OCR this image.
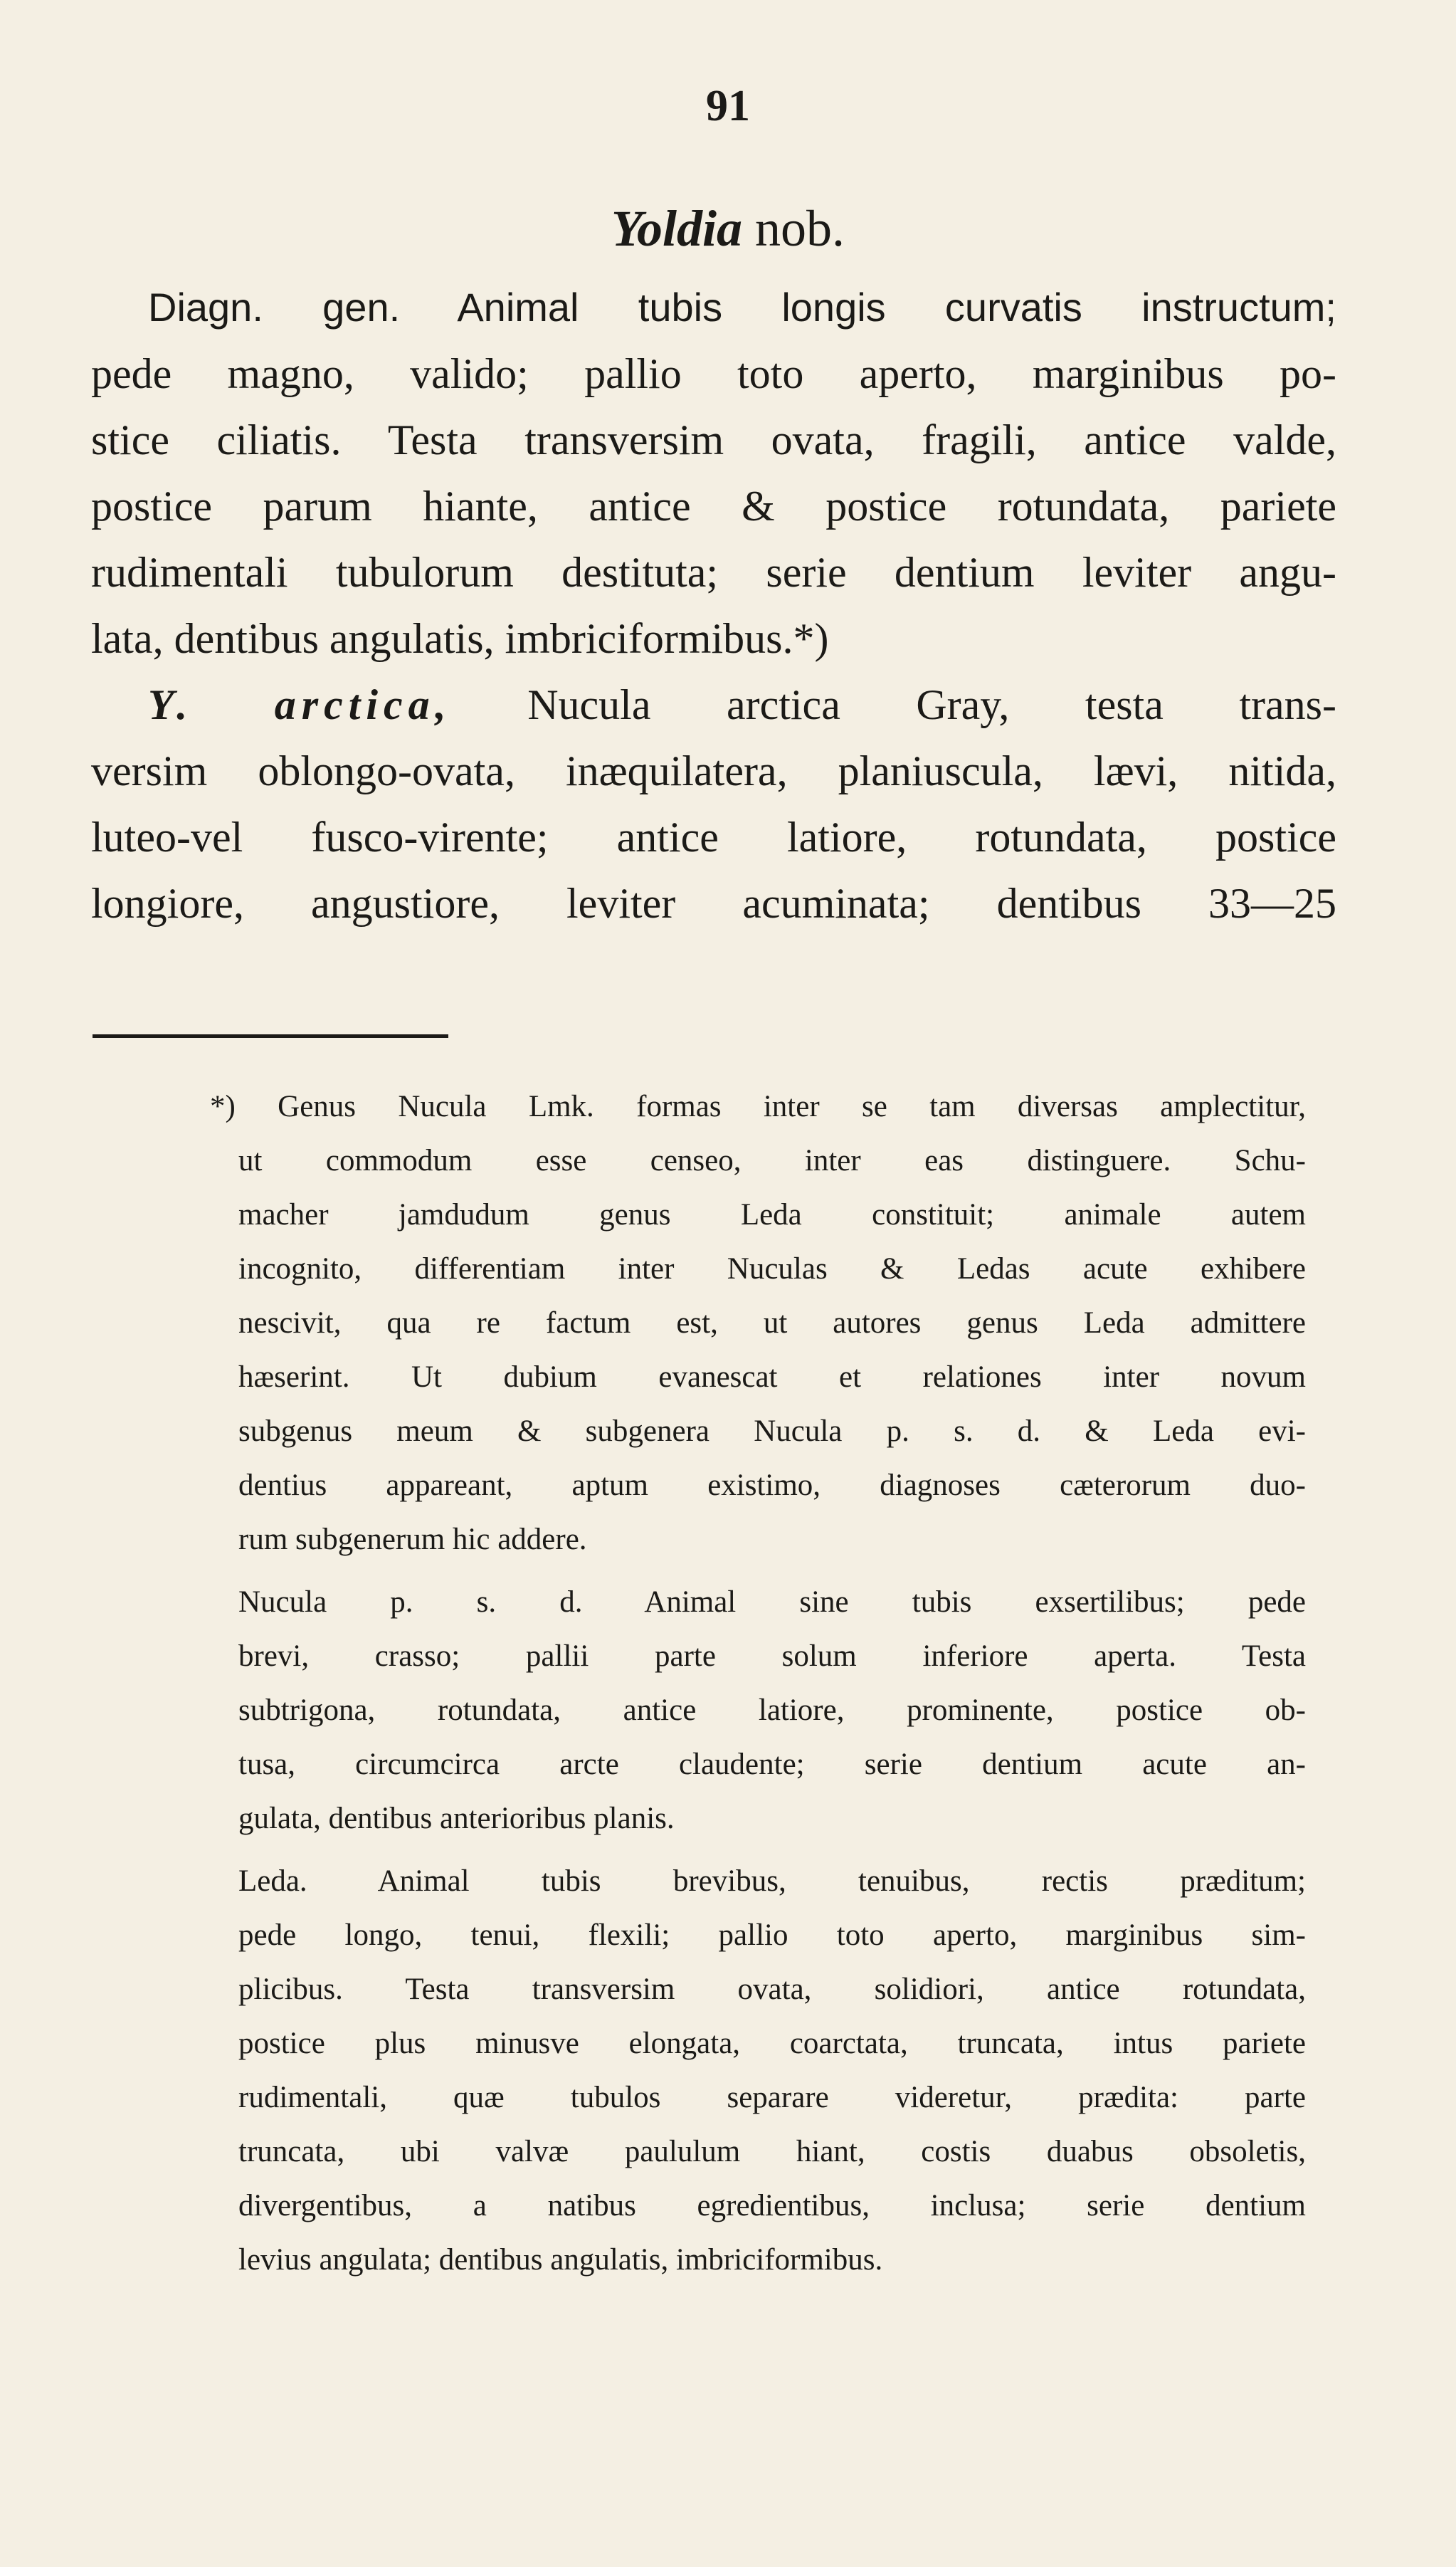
91
Yoldia nob.
Diagn. gen. Animal tubis longis curvatis instructum;
pede magno, valido; pallio toto aperto, marginibus po-
stice ciliatis. Testa transversim ovata, fragili, antice valde,
postice parum hiante, antice & postice rotundata, pariete
rudimentali tubulorum destituta; serie dentium leviter angu-
lata, dentibus angulatis, imbriciformibus.*)
Y. arctica, Nucula arctica Gray, testa trans-
versim oblongo-ovata, inæquilatera, planiuscula, lævi, nitida,
luteo-vel fusco-virente; antice latiore, rotundata, postice
longiore, angustiore, leviter acuminata; dentibus 33—25
*) Genus Nucula Lmk. formas inter se tam diversas amplectitur,
ut commodum esse censeo, inter eas distinguere. Schu-
macher jamdudum genus Leda constituit; animale autem
incognito, differentiam inter Nuculas & Ledas acute exhibere
nescivit, qua re factum est, ut autores genus Leda admittere
hæserint. Ut dubium evanescat et relationes inter novum
subgenus meum & subgenera Nucula p. s. d. & Leda evi-
dentius appareant, aptum existimo, diagnoses cæterorum duo-
rum subgenerum hic addere.
Nucula p. s. d. Animal sine tubis exsertilibus; pede
brevi, crasso; pallii parte solum inferiore aperta. Testa
subtrigona, rotundata, antice latiore, prominente, postice ob-
tusa, circumcirca arcte claudente; serie dentium acute an-
gulata, dentibus anterioribus planis.
Leda. Animal tubis brevibus, tenuibus, rectis præditum;
pede longo, tenui, flexili; pallio toto aperto, marginibus sim-
plicibus. Testa transversim ovata, solidiori, antice rotundata,
postice plus minusve elongata, coarctata, truncata, intus pariete
rudimentali, quæ tubulos separare videretur, prædita: parte
truncata, ubi valvæ paululum hiant, costis duabus obsoletis,
divergentibus, a natibus egredientibus, inclusa; serie dentium
levius angulata; dentibus angulatis, imbriciformibus.
